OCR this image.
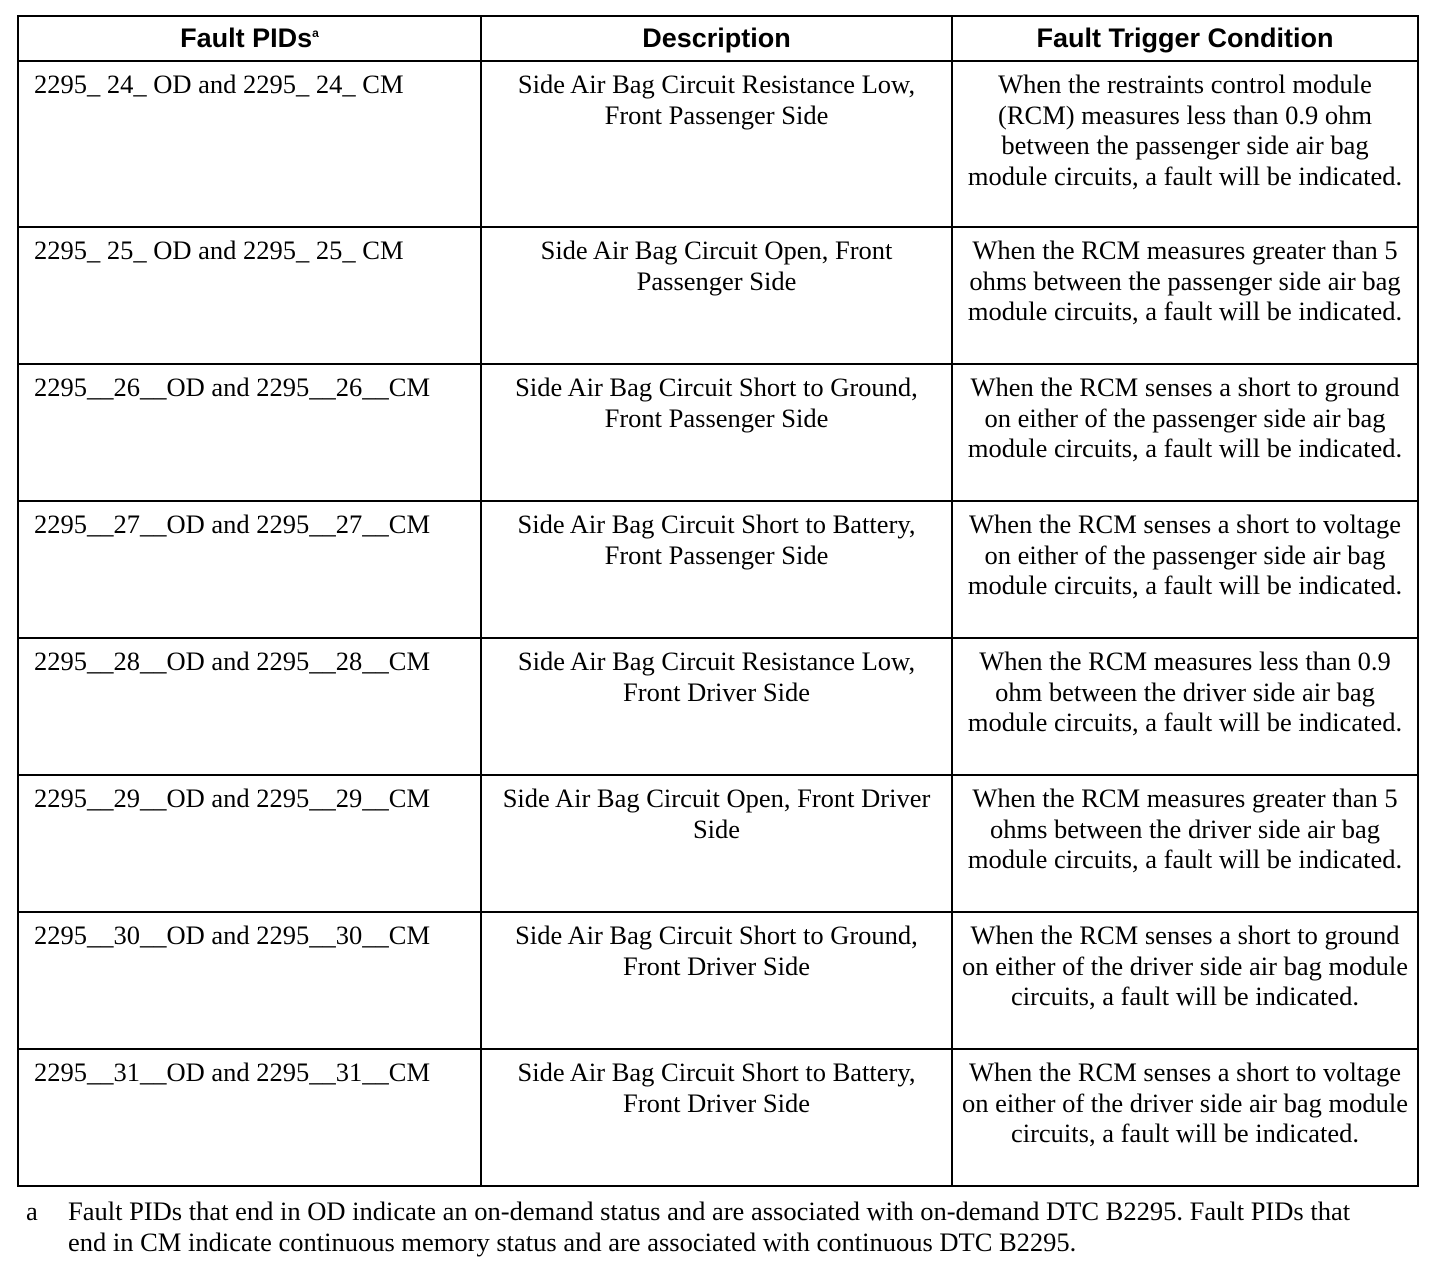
Fault PIDs$^a$	Description	Fault Trigger Condition
2295_ 24_ OD and 2295_ 24_ CM	Side Air Bag Circuit Resistance Low, Front Passenger Side	When the restraints control module (RCM) measures less than 0.9 ohm between the passenger side air bag module circuits, a fault will be indicated.
2295_ 25_ OD and 2295_ 25_ CM	Side Air Bag Circuit Open, Front Passenger Side	When the RCM measures greater than 5 ohms between the passenger side air bag module circuits, a fault will be indicated.
2295__26__OD and 2295__26__CM	Side Air Bag Circuit Short to Ground, Front Passenger Side	When the RCM senses a short to ground on either of the passenger side air bag module circuits, a fault will be indicated.
2295__27__OD and 2295__27__CM	Side Air Bag Circuit Short to Battery, Front Passenger Side	When the RCM senses a short to voltage on either of the passenger side air bag module circuits, a fault will be indicated.
2295__28__OD and 2295__28__CM	Side Air Bag Circuit Resistance Low, Front Driver Side	When the RCM measures less than 0.9 ohm between the driver side air bag module circuits, a fault will be indicated.
2295__29__OD and 2295__29__CM	Side Air Bag Circuit Open, Front Driver Side	When the RCM measures greater than 5 ohms between the driver side air bag module circuits, a fault will be indicated.
2295__30__OD and 2295__30__CM	Side Air Bag Circuit Short to Ground, Front Driver Side	When the RCM senses a short to ground on either of the driver side air bag module circuits, a fault will be indicated.
2295__31__OD and 2295__31__CM	Side Air Bag Circuit Short to Battery, Front Driver Side	When the RCM senses a short to voltage on either of the driver side air bag module circuits, a fault will be indicated.
a Fault PIDs that end in OD indicate an on-demand status and are associated with on-demand DTC B2295. Fault PIDs that end in CM indicate continuous memory status and are associated with continuous DTC B2295.
